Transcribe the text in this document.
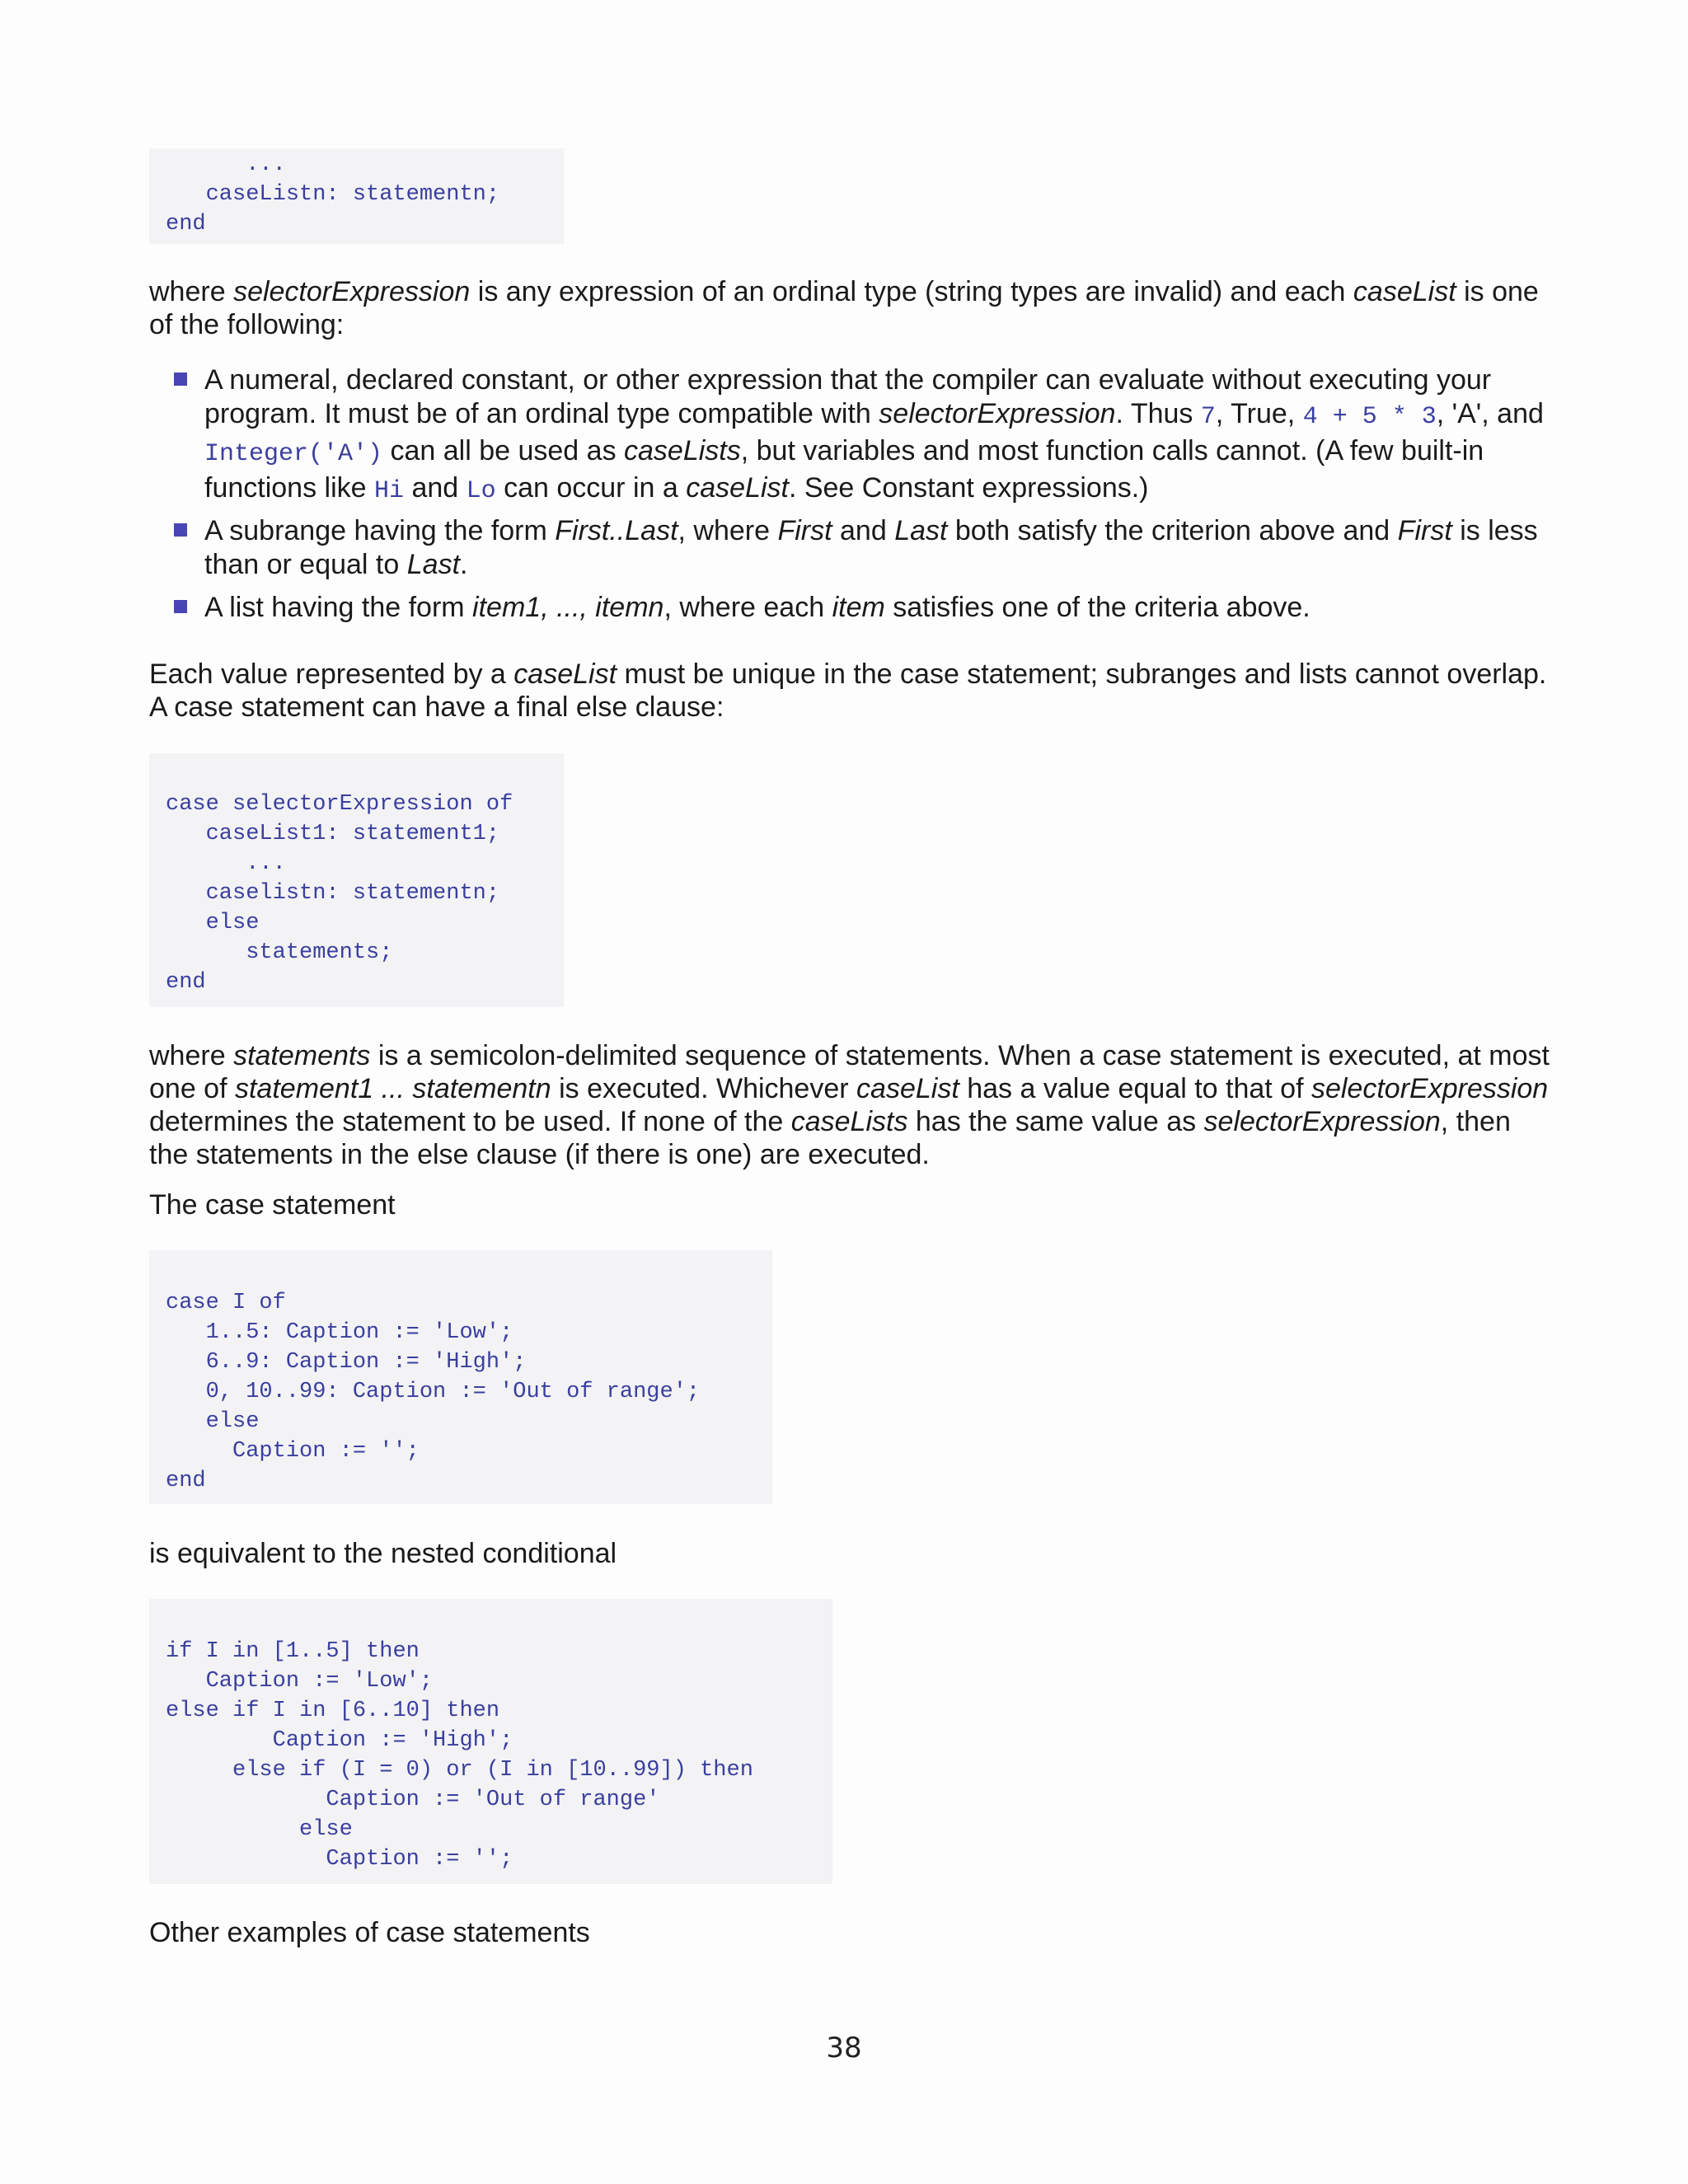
...
caseListn: statementn;
end
where selectorExpression is any expression of an ordinal type (string types are invalid) and each caseList is one of the following:
A numeral, declared constant, or other expression that the compiler can evaluate without executing your program. It must be of an ordinal type compatible with selectorExpression. Thus 7, True, 4 + 5 * 3, 'A', and Integer('A') can all be used as caseLists, but variables and most function calls cannot. (A few built-in functions like Hi and Lo can occur in a caseList. See Constant expressions.)
A subrange having the form First..Last, where First and Last both satisfy the criterion above and First is less than or equal to Last.
A list having the form item1, ..., itemn, where each item satisfies one of the criteria above.
Each value represented by a caseList must be unique in the case statement; subranges and lists cannot overlap. A case statement can have a final else clause:
case selectorExpression of
caseList1: statement1;
...
caselistn: statementn;
else
statements;
end
where statements is a semicolon-delimited sequence of statements. When a case statement is executed, at most one of statement1 ... statementn is executed. Whichever caseList has a value equal to that of selectorExpression determines the statement to be used. If none of the caseLists has the same value as selectorExpression, then the statements in the else clause (if there is one) are executed.
The case statement
case I of
1..5: Caption := 'Low';
6..9: Caption := 'High';
0, 10..99: Caption := 'Out of range';
else
Caption := '';
end
is equivalent to the nested conditional
if I in [1..5] then
Caption := 'Low';
else if I in [6..10] then
Caption := 'High';
else if (I = 0) or (I in [10..99]) then
Caption := 'Out of range'
else
Caption := '';
Other examples of case statements
38
